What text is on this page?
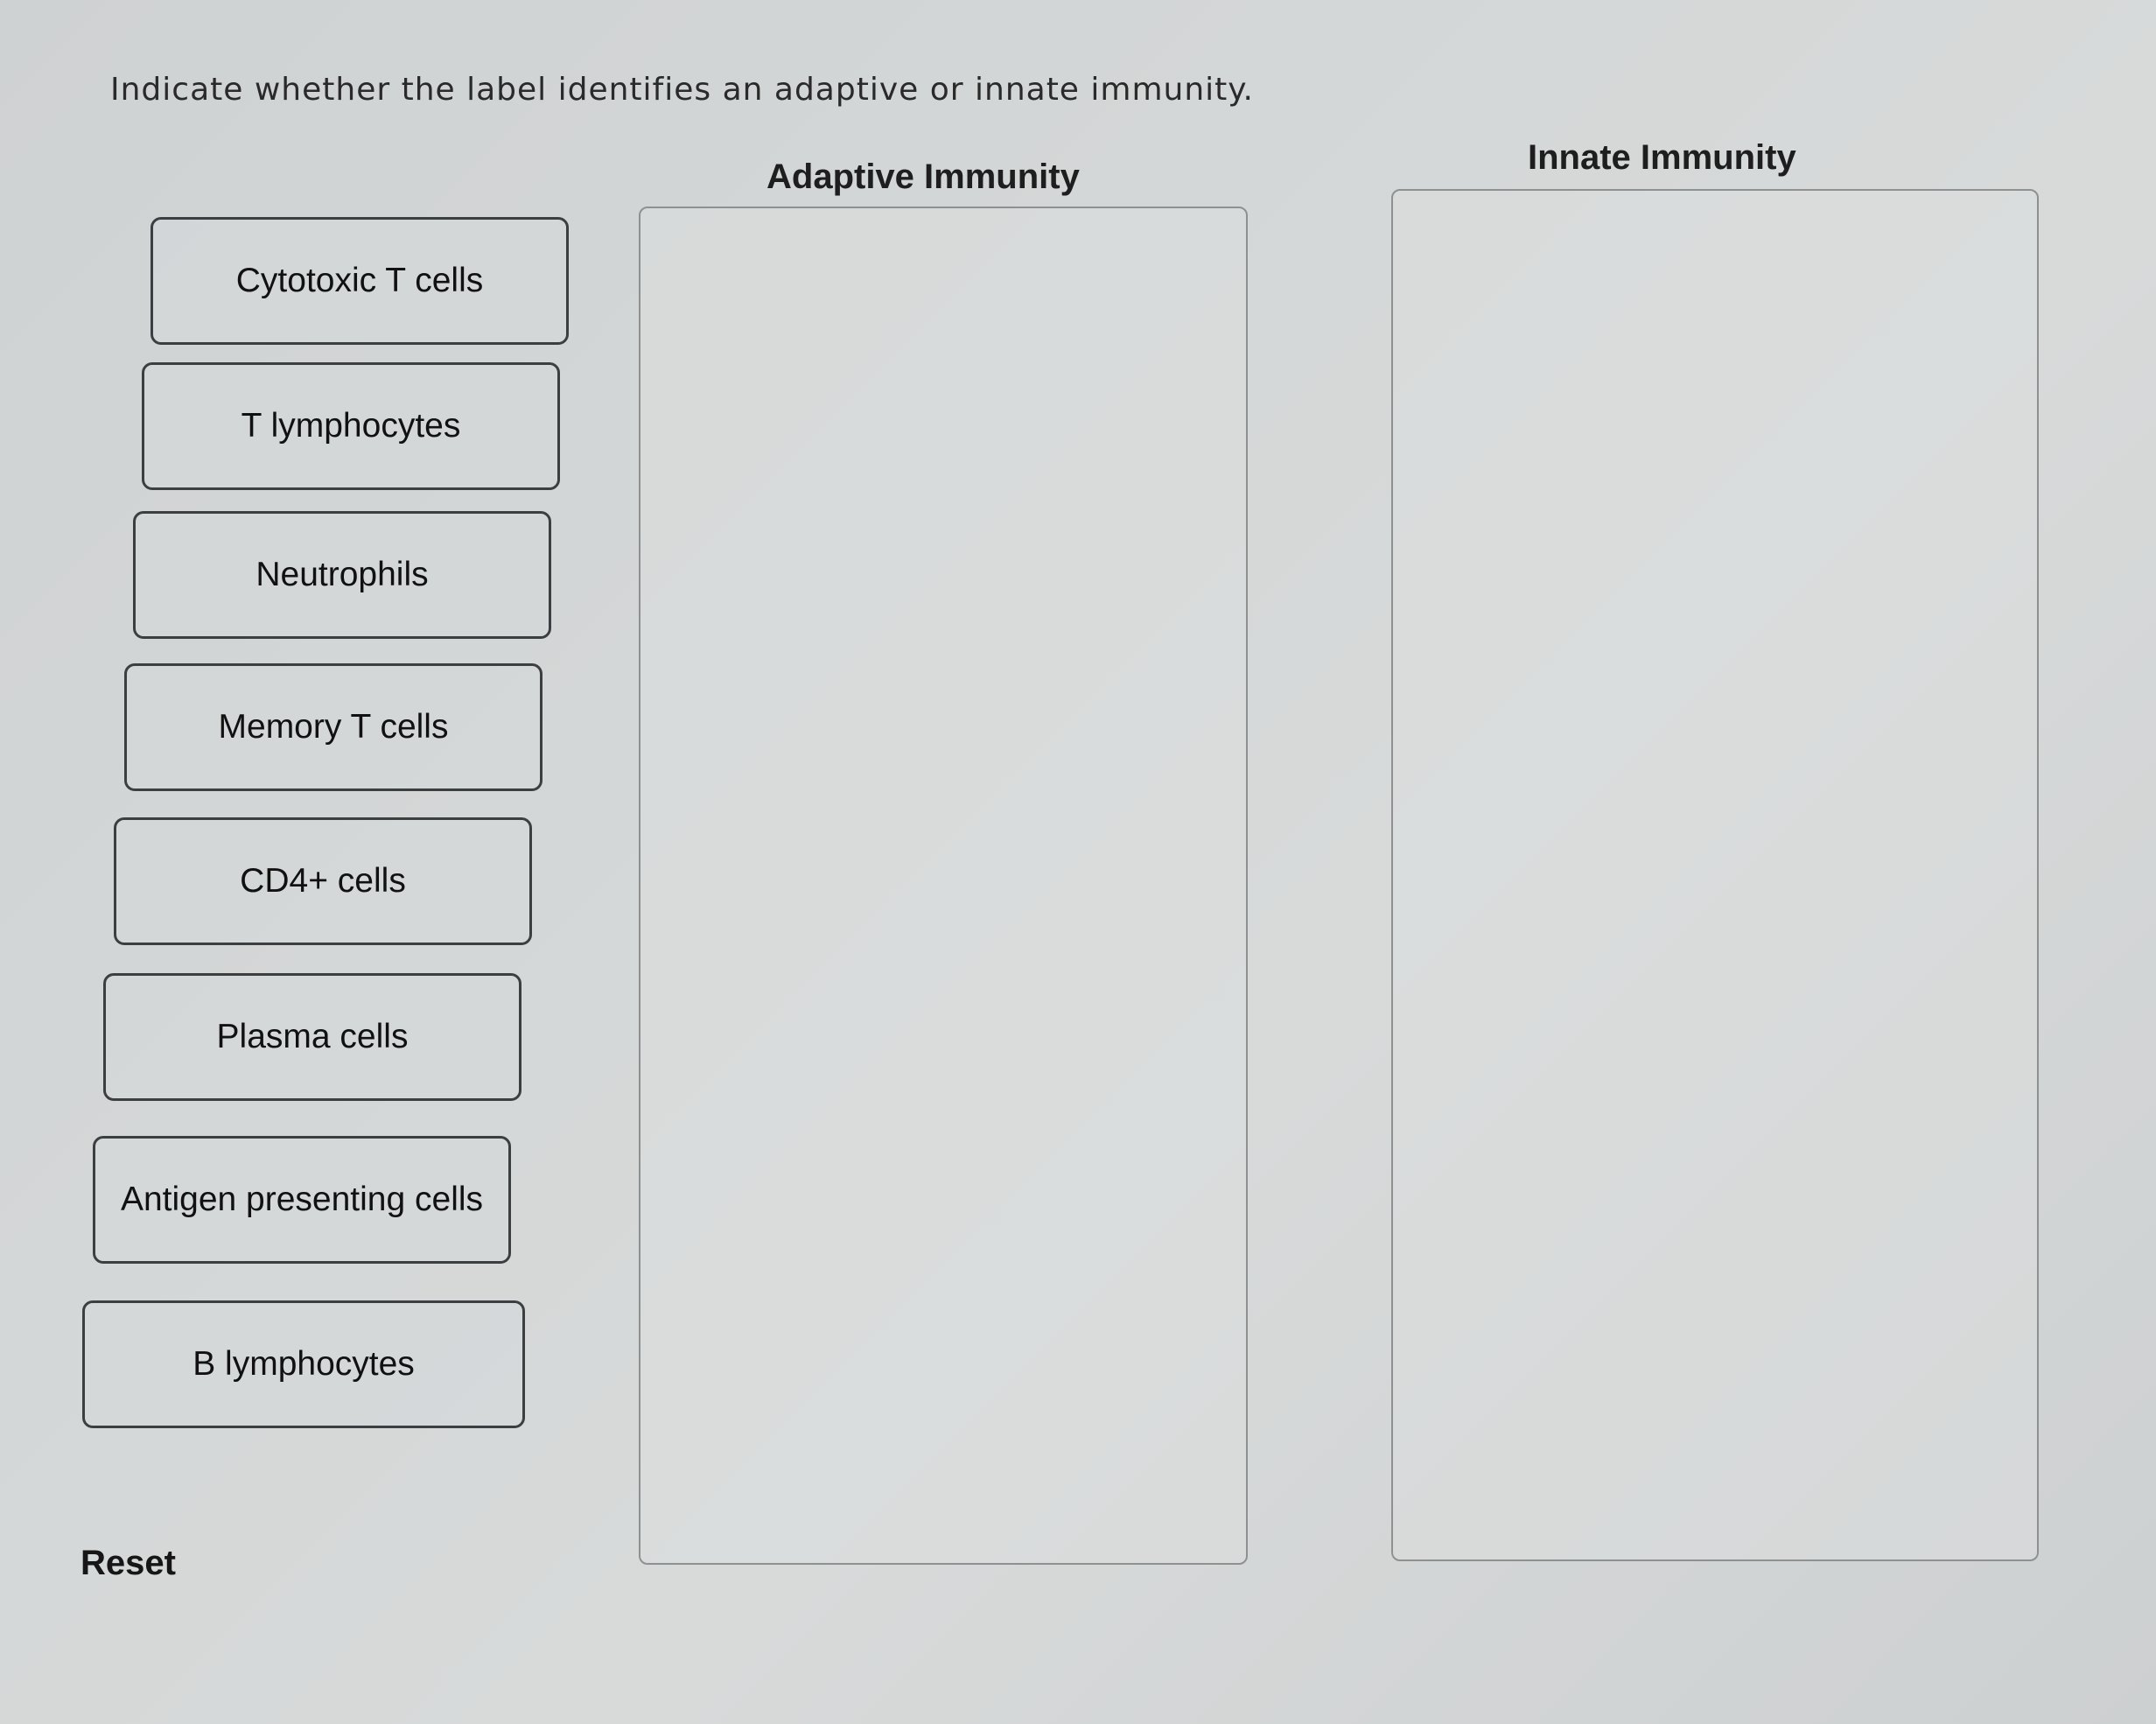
Indicate whether the label identifies an adaptive or innate immunity.
Adaptive Immunity	Innate Immunity
Cytotoxic T cells
T lymphocytes
Neutrophils
Memory T cells
CD4+ cells
Plasma cells
Antigen presenting cells
B lymphocytes
Reset
